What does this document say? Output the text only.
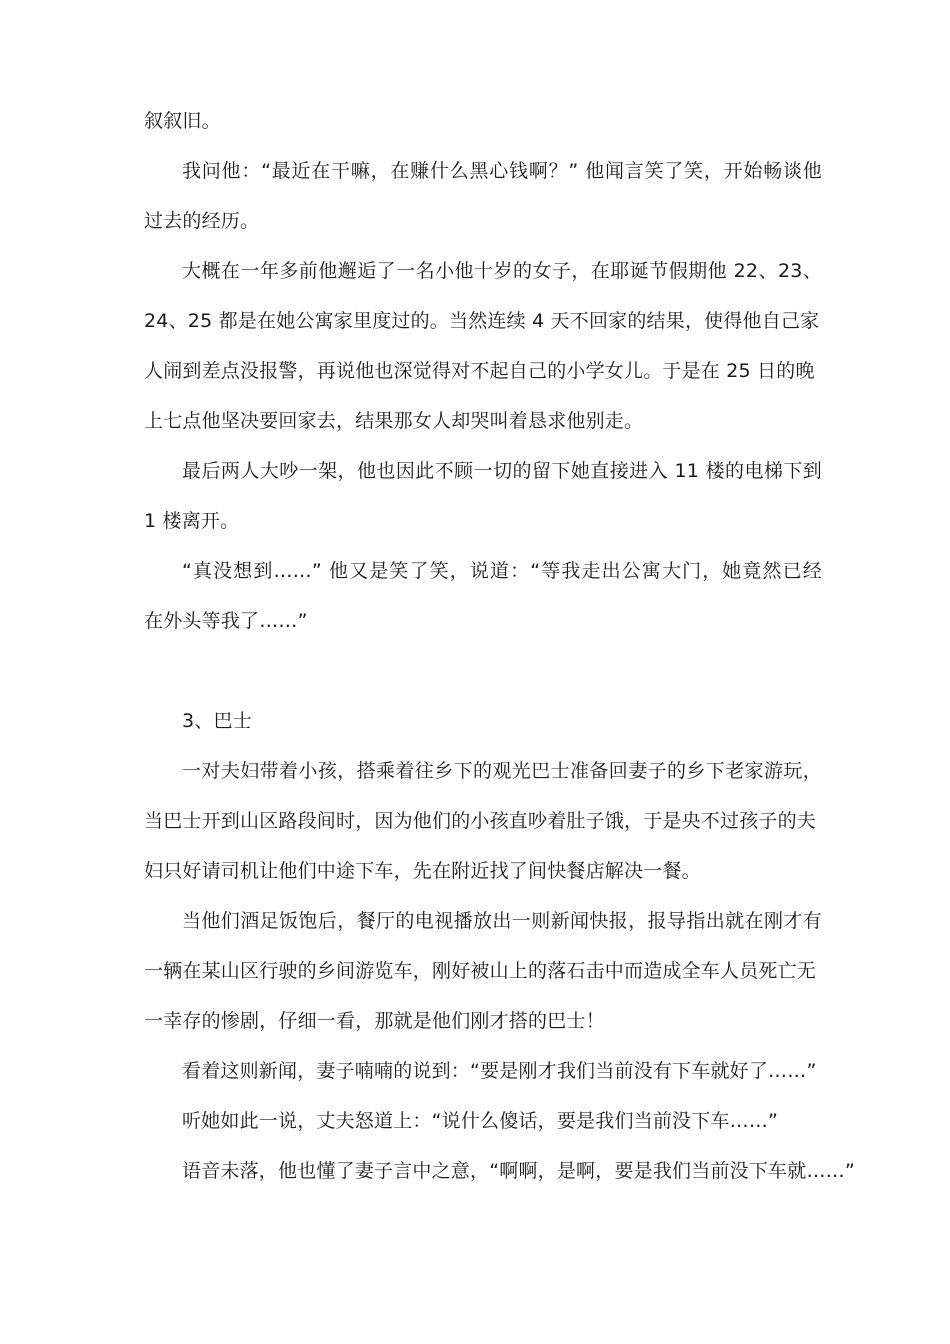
叙叙旧。
我问他：“最近在干嘛，在赚什么黑心钱啊？” 他闻言笑了笑，开始畅谈他
过去的经历。
大概在一年多前他邂逅了一名小他十岁的女子，在耶诞节假期他 22、23、
24、25 都是在她公寓家里度过的。当然连续 4 天不回家的结果，使得他自己家
人闹到差点没报警，再说他也深觉得对不起自己的小学女儿。于是在 25 日的晚
上七点他坚决要回家去，结果那女人却哭叫着恳求他别走。
最后两人大吵一架，他也因此不顾一切的留下她直接进入 11 楼的电梯下到
1 楼离开。
“真没想到……” 他又是笑了笑，说道：“等我走出公寓大门，她竟然已经
在外头等我了……”
3、巴士
一对夫妇带着小孩，搭乘着往乡下的观光巴士准备回妻子的乡下老家游玩，
当巴士开到山区路段间时，因为他们的小孩直吵着肚子饿，于是央不过孩子的夫
妇只好请司机让他们中途下车，先在附近找了间快餐店解决一餐。
当他们酒足饭饱后，餐厅的电视播放出一则新闻快报，报导指出就在刚才有
一辆在某山区行驶的乡间游览车，刚好被山上的落石击中而造成全车人员死亡无
一幸存的惨剧，仔细一看，那就是他们刚才搭的巴士！
看着这则新闻，妻子喃喃的说到：“要是刚才我们当前没有下车就好了……”
听她如此一说，丈夫怒道上：“说什么傻话，要是我们当前没下车……”
语音未落，他也懂了妻子言中之意，“啊啊，是啊，要是我们当前没下车就……”
